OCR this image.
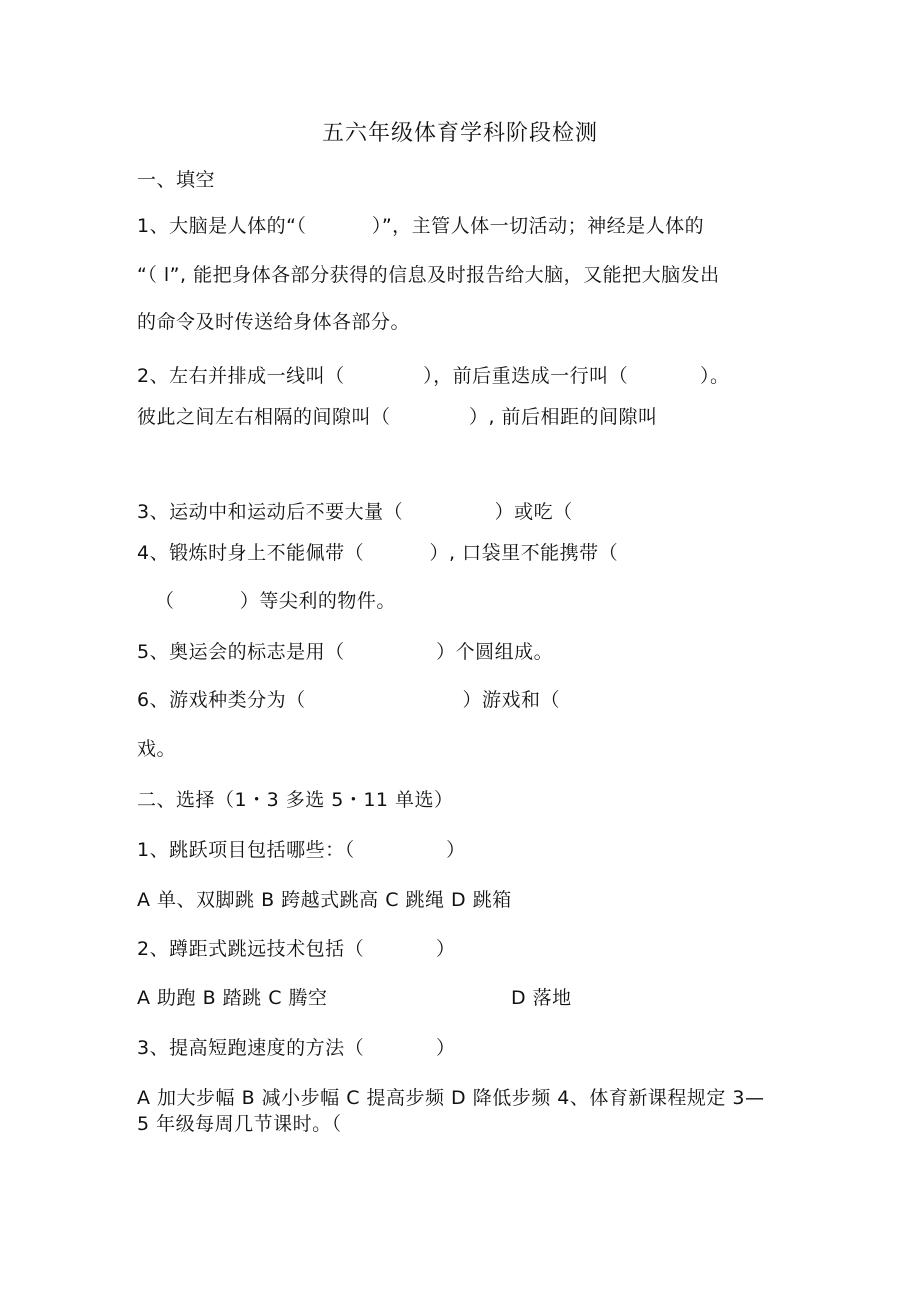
五六年级体育学科阶段检测
一、填空
1、大脑是人体的“（          ）”，主管人体一切活动；神经是人体的
“（ l”, 能把身体各部分获得的信息及时报告给大脑，又能把大脑发出
的命令及时传送给身体各部分。
2、左右并排成一线叫（            ），前后重迭成一行叫（           ）。
彼此之间左右相隔的间隙叫（            ）, 前后相距的间隙叫
3、运动中和运动后不要大量（              ）或吃（
4、锻炼时身上不能佩带（          ）, 口袋里不能携带（
（          ）等尖利的物件。
5、奥运会的标志是用（              ）个圆组成。
6、游戏种类分为（                        ）游戏和（
戏。
二、选择（1・3 多选 5・11 单选）
1、跳跃项目包括哪些：（              ）
A 单、双脚跳 B 跨越式跳高 C 跳绳 D 跳箱
2、蹲距式跳远技术包括（           ）
A 助跑 B 踏跳 C 腾空	D 落地
3、提高短跑速度的方法（           ）
A 加大步幅 B 减小步幅 C 提高步频 D 降低步频 4、体育新课程规定 3—
5 年级每周几节课时。（
